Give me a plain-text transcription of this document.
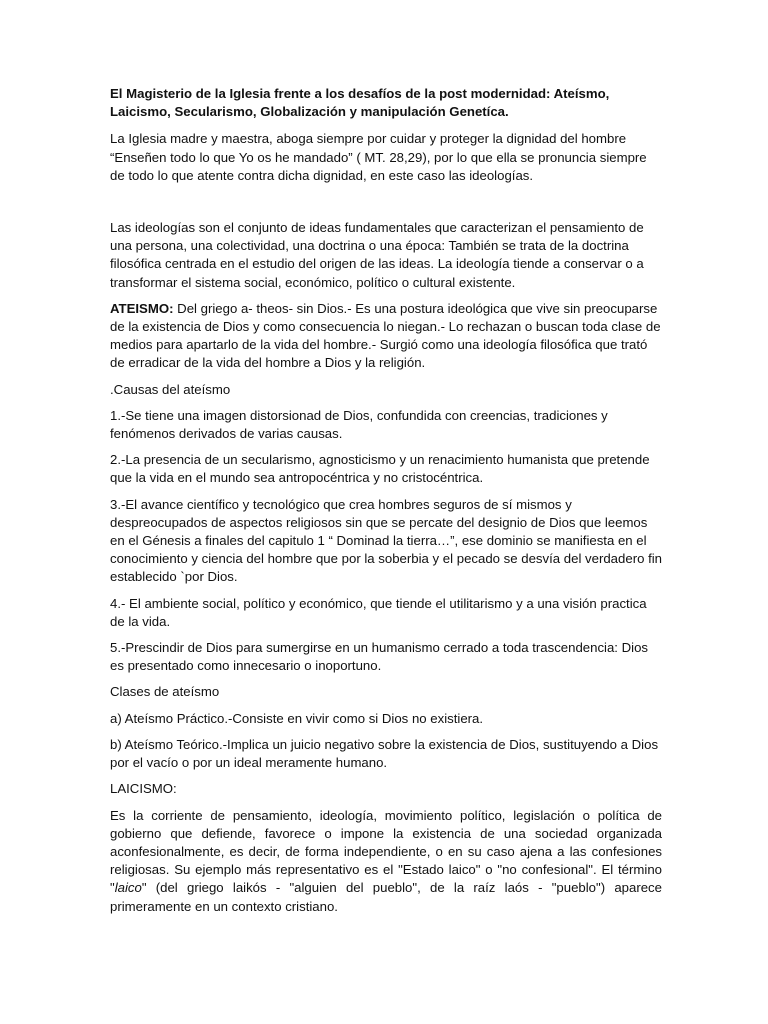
El Magisterio de la Iglesia frente a los desafíos de la post modernidad: Ateísmo, Laicismo, Secularismo, Globalización y manipulación Genetíca.

La Iglesia madre y maestra, aboga siempre por cuidar y proteger la dignidad del hombre “Enseñen todo lo que Yo os he mandado” ( MT. 28,29), por lo que ella se pronuncia siempre de todo lo que atente contra dicha dignidad, en este caso las ideologías.

Las ideologías son el conjunto de ideas fundamentales que caracterizan el pensamiento de una persona, una colectividad, una doctrina o una época: También se trata de la doctrina filosófica centrada en el estudio del origen de las ideas. La ideología tiende a conservar o a transformar el sistema social, económico, político o cultural existente.

ATEISMO: Del griego a- theos- sin Dios.- Es una postura ideológica que vive sin preocuparse de la existencia de Dios y como consecuencia lo niegan.- Lo rechazan o buscan toda clase de medios para apartarlo de la vida del hombre.- Surgió como una ideología filosófica que trató de erradicar de la vida del hombre a Dios y la religión.

.Causas del ateísmo

1.-Se tiene una imagen distorsionad de Dios, confundida con creencias, tradiciones y fenómenos derivados de varias causas.

2.-La presencia de un secularismo, agnosticismo y un renacimiento humanista que pretende que la vida en el mundo sea antropocéntrica y no cristocéntrica.

3.-El avance científico y tecnológico que crea hombres seguros de sí mismos y despreocupados de aspectos religiosos sin que se percate del designio de Dios que leemos en el Génesis a finales del capitulo 1 “ Dominad la tierra…”, ese dominio se manifiesta en el conocimiento y ciencia del hombre que por la soberbia y el pecado se desvía del verdadero fin establecido `por Dios.

4.- El ambiente social, político y económico, que tiende el utilitarismo y a una visión practica de la vida.

5.-Prescindir de Dios para sumergirse en un humanismo cerrado a toda trascendencia: Dios es presentado como innecesario o inoportuno.

Clases de ateísmo

a) Ateísmo Práctico.-Consiste en vivir como si Dios no existiera.

b) Ateísmo Teórico.-Implica un juicio negativo sobre la existencia de Dios, sustituyendo a Dios por el vacío o por un ideal meramente humano.

LAICISMO:

Es la corriente de pensamiento, ideología, movimiento político, legislación o política de gobierno que defiende, favorece o impone la existencia de una sociedad organizada aconfesionalmente, es decir, de forma independiente, o en su caso ajena a las confesiones religiosas. Su ejemplo más representativo es el "Estado laico" o "no confesional". El término "laico" (del griego laikós - "alguien del pueblo", de la raíz laós - "pueblo") aparece primeramente en un contexto cristiano.
